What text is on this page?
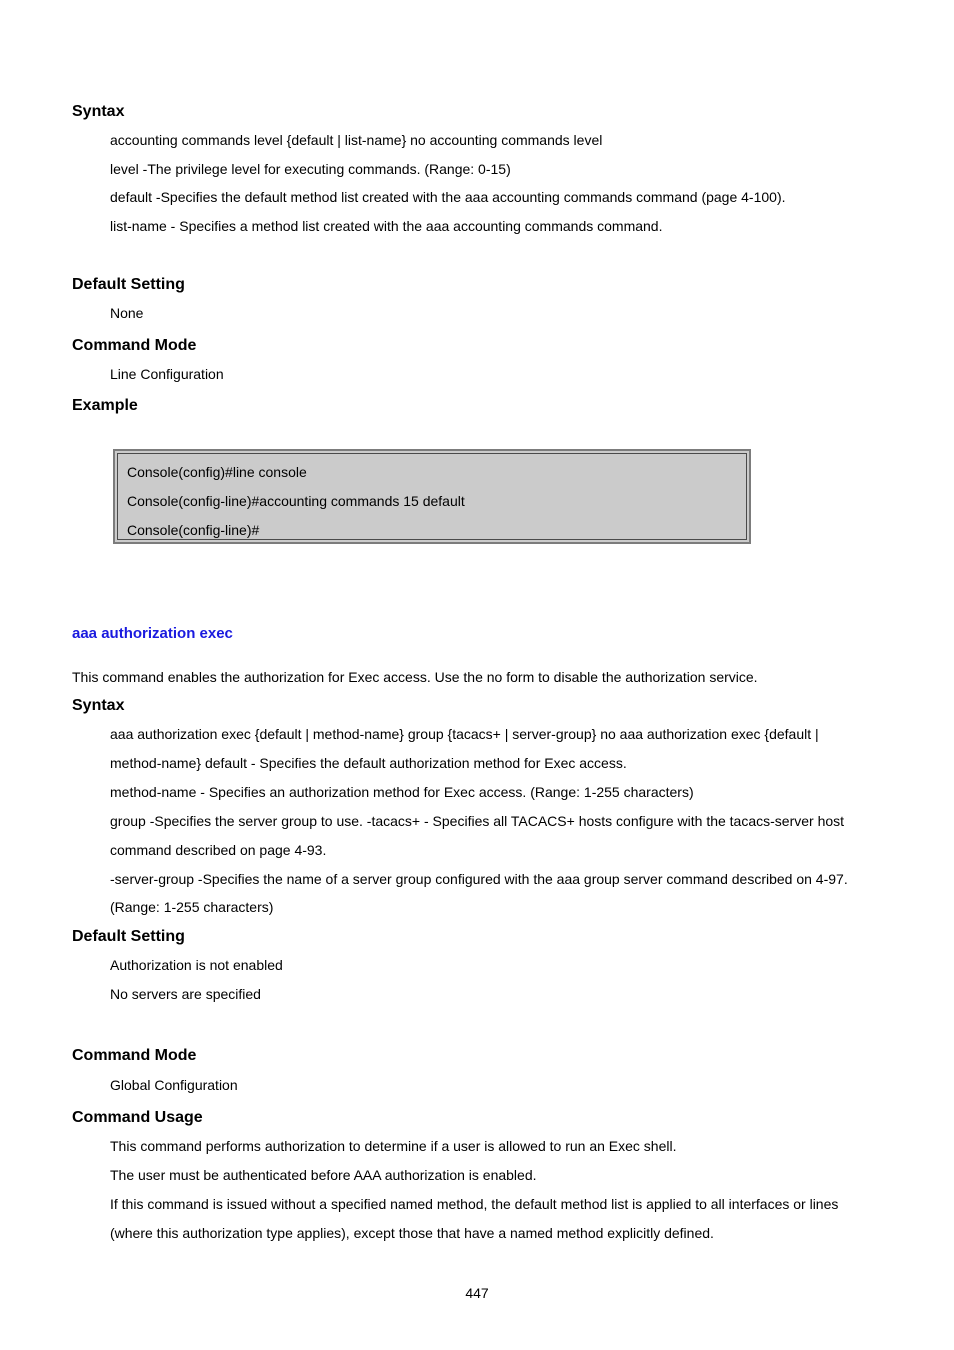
Syntax
accounting commands level {default | list-name} no accounting commands level
level -The privilege level for executing commands. (Range: 0-15)
default -Specifies the default method list created with the aaa accounting commands command (page 4-100).
list-name - Specifies a method list created with the aaa accounting commands command.
Default Setting
None
Command Mode
Line Configuration
Example
Console(config)#line console
Console(config-line)#accounting commands 15 default
Console(config-line)#
aaa authorization exec
This command enables the authorization for Exec access. Use the no form to disable the authorization service.
Syntax
aaa authorization exec {default | method-name} group {tacacs+ | server-group} no aaa authorization exec {default |
method-name} default - Specifies the default authorization method for Exec access.
method-name - Specifies an authorization method for Exec access. (Range: 1-255 characters)
group -Specifies the server group to use. -tacacs+ - Specifies all TACACS+ hosts configure with the tacacs-server host
command described on page 4-93.
-server-group -Specifies the name of a server group configured with the aaa group server command described on 4-97.
(Range: 1-255 characters)
Default Setting
Authorization is not enabled
No servers are specified
Command Mode
Global Configuration
Command Usage
This command performs authorization to determine if a user is allowed to run an Exec shell.
The user must be authenticated before AAA authorization is enabled.
If this command is issued without a specified named method, the default method list is applied to all interfaces or lines
(where this authorization type applies), except those that have a named method explicitly defined.
447
